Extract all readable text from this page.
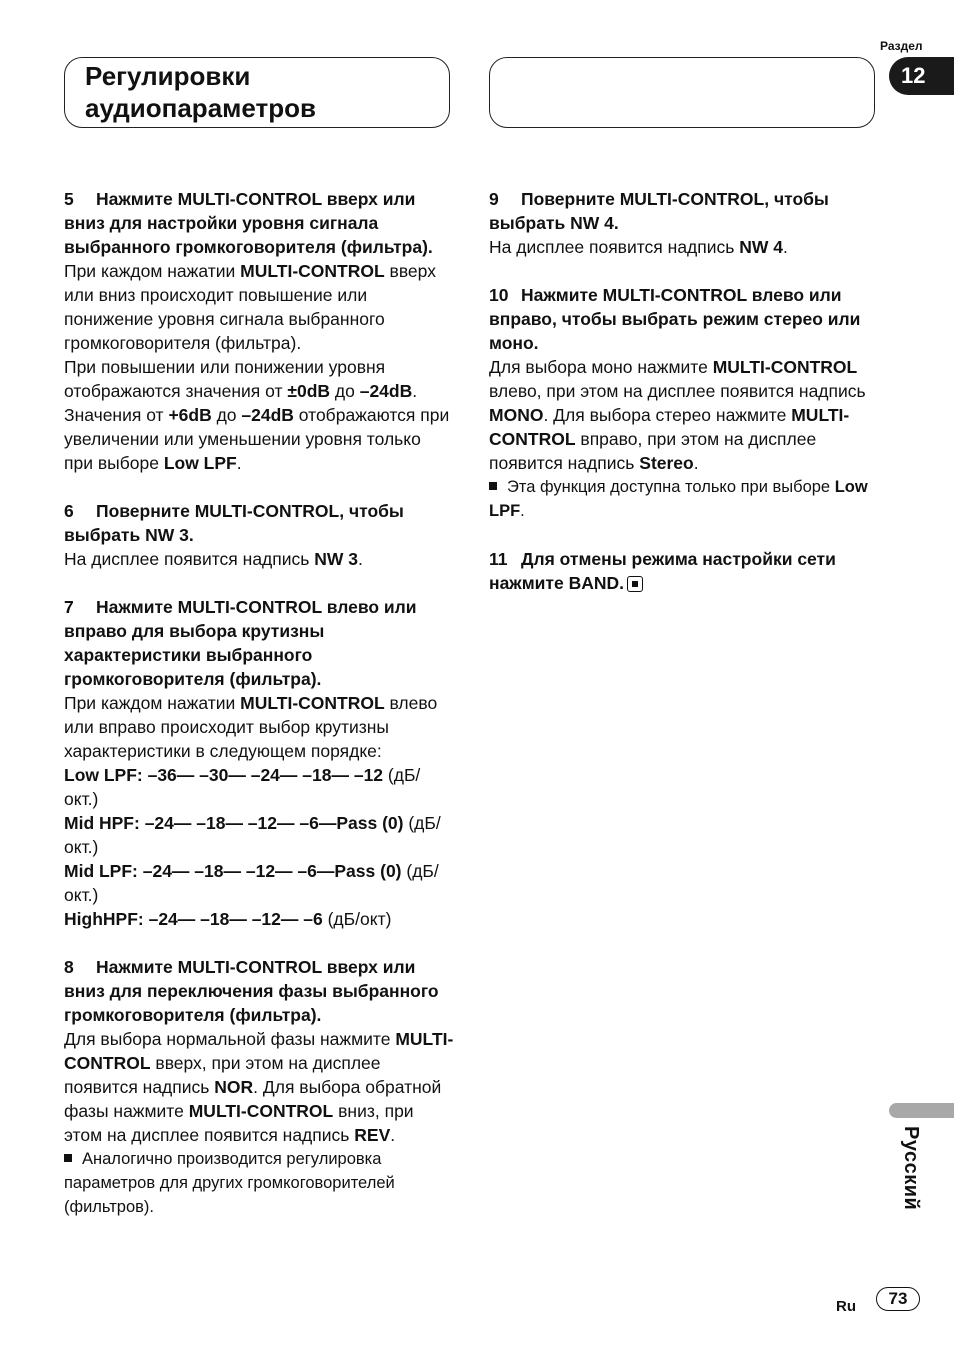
Регулировки
аудиопараметров
Раздел
12

5 Нажмите MULTI-CONTROL вверх или вниз для настройки уровня сигнала выбранного громкоговорителя (фильтра).

При каждом нажатии MULTI-CONTROL вверх или вниз происходит повышение или понижение уровня сигнала выбранного громкоговорителя (фильтра).

При повышении или понижении уровня отображаются значения от ±0dB до –24dB.

Значения от +6dB до –24dB отображаются при увеличении или уменьшении уровня только при выборе Low LPF.

6 Поверните MULTI-CONTROL, чтобы выбрать NW 3.

На дисплее появится надпись NW 3.

7 Нажмите MULTI-CONTROL влево или вправо для выбора крутизны характеристики выбранного громкоговорителя (фильтра).

При каждом нажатии MULTI-CONTROL влево или вправо происходит выбор крутизны характеристики в следующем порядке:

Low LPF: –36— –30— –24— –18— –12 (дБ/окт.)

Mid HPF: –24— –18— –12— –6—Pass (0) (дБ/окт.)

Mid LPF: –24— –18— –12— –6—Pass (0) (дБ/окт.)

HighHPF: –24— –18— –12— –6 (дБ/окт)

8 Нажмите MULTI-CONTROL вверх или вниз для переключения фазы выбранного громкоговорителя (фильтра).

Для выбора нормальной фазы нажмите MULTI-CONTROL вверх, при этом на дисплее появится надпись NOR. Для выбора обратной фазы нажмите MULTI-CONTROL вниз, при этом на дисплее появится надпись REV.

Аналогично производится регулировка параметров для других громкоговорителей (фильтров).

9 Поверните MULTI-CONTROL, чтобы выбрать NW 4.

На дисплее появится надпись NW 4.

10 Нажмите MULTI-CONTROL влево или вправо, чтобы выбрать режим стерео или моно.

Для выбора моно нажмите MULTI-CONTROL влево, при этом на дисплее появится надпись MONO. Для выбора стерео нажмите MULTI-CONTROL вправо, при этом на дисплее появится надпись Stereo.

Эта функция доступна только при выборе Low LPF.

11 Для отмены режима настройки сети нажмите BAND.

Русский
Ru	73
